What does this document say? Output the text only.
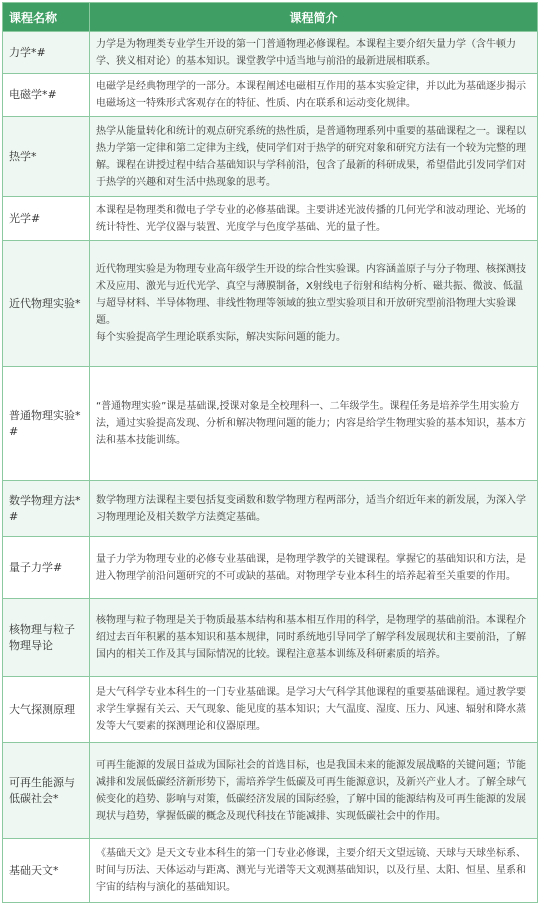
课程名称	课程简介
力学*#	力学是为物理类专业学生开设的第一门普通物理必修课程。本课程主要介绍矢量力学（含牛顿力学、狭义相对论）的基本知识。课堂教学中适当地与前沿的最新进展相联系。
电磁学*#	电磁学是经典物理学的一部分。本课程阐述电磁相互作用的基本实验定律，并以此为基础逐步揭示电磁场这一特殊形式客观存在的特征、性质、内在联系和运动变化规律。
热学*	热学从能量转化和统计的观点研究系统的热性质，是普通物理系列中重要的基础课程之一。课程以热力学第一定律和第二定律为主线，使同学们对于热学的研究对象和研究方法有一个较为完整的理解。课程在讲授过程中结合基础知识与学科前沿，包含了最新的科研成果，希望借此引发同学们对于热学的兴趣和对生活中热现象的思考。
光学#	本课程是物理类和微电子学专业的必修基础课。主要讲述光波传播的几何光学和波动理论、光场的统计特性、光学仪器与装置、光度学与色度学基础、光的量子性。
近代物理实验*	近代物理实验是为物理专业高年级学生开设的综合性实验课。内容涵盖原子与分子物理、核探测技术及应用、激光与近代光学、真空与薄膜制备，X射线电子衍射和结构分析、磁共振、微波、低温与超导材料、半导体物理、非线性物理等领域的独立型实验项目和开放研究型前沿物理大实验课题。
每个实验提高学生理论联系实际，解决实际问题的能力。

普通物理实验*#	“普通物理实验”课是基础课,授课对象是全校理科一、二年级学生。课程任务是培养学生用实验方法，通过实验提高发现、分析和解决物理问题的能力；内容是给学生物理实验的基本知识，基本方法和基本技能训练。
数学物理方法*#	数学物理方法课程主要包括复变函数和数学物理方程两部分，适当介绍近年来的新发展，为深入学习物理理论及相关数学方法奠定基础。
量子力学#	量子力学为物理专业的必修专业基础课，是物理学教学的关键课程。掌握它的基础知识和方法，是进入物理学前沿问题研究的不可或缺的基础。对物理学专业本科生的培养起着至关重要的作用。
核物理与粒子物理导论	核物理与粒子物理是关于物质最基本结构和基本相互作用的科学，是物理学的基础前沿。本课程介绍过去百年积累的基本知识和基本规律，同时系统地引导同学了解学科发展现状和主要前沿，了解国内的相关工作及其与国际情况的比较。课程注意基本训练及科研素质的培养。
大气探测原理	是大气科学专业本科生的一门专业基础课。是学习大气科学其他课程的重要基础课程。通过教学要求学生掌握有关云、天气现象、能见度的基本知识；大气温度、湿度、压力、风速、辐射和降水蒸发等大气要素的探测理论和仪器原理。
可再生能源与低碳社会*	可再生能源的发展日益成为国际社会的首选目标，也是我国未来的能源发展战略的关键问题；节能减排和发展低碳经济新形势下，需培养学生低碳及可再生能源意识，及新兴产业人才。了解全球气候变化的趋势、影响与对策，低碳经济发展的国际经验，了解中国的能源结构及可再生能源的发展现状与趋势，掌握低碳的概念及现代科技在节能减排、实现低碳社会中的作用。
基础天文*	《基础天文》是天文专业本科生的第一门专业必修课，主要介绍天文望远镜、天球与天球坐标系、时间与历法、天体运动与距离、测光与光谱等天文观测基础知识，以及行星、太阳、恒星、星系和宇宙的结构与演化的基础知识。
